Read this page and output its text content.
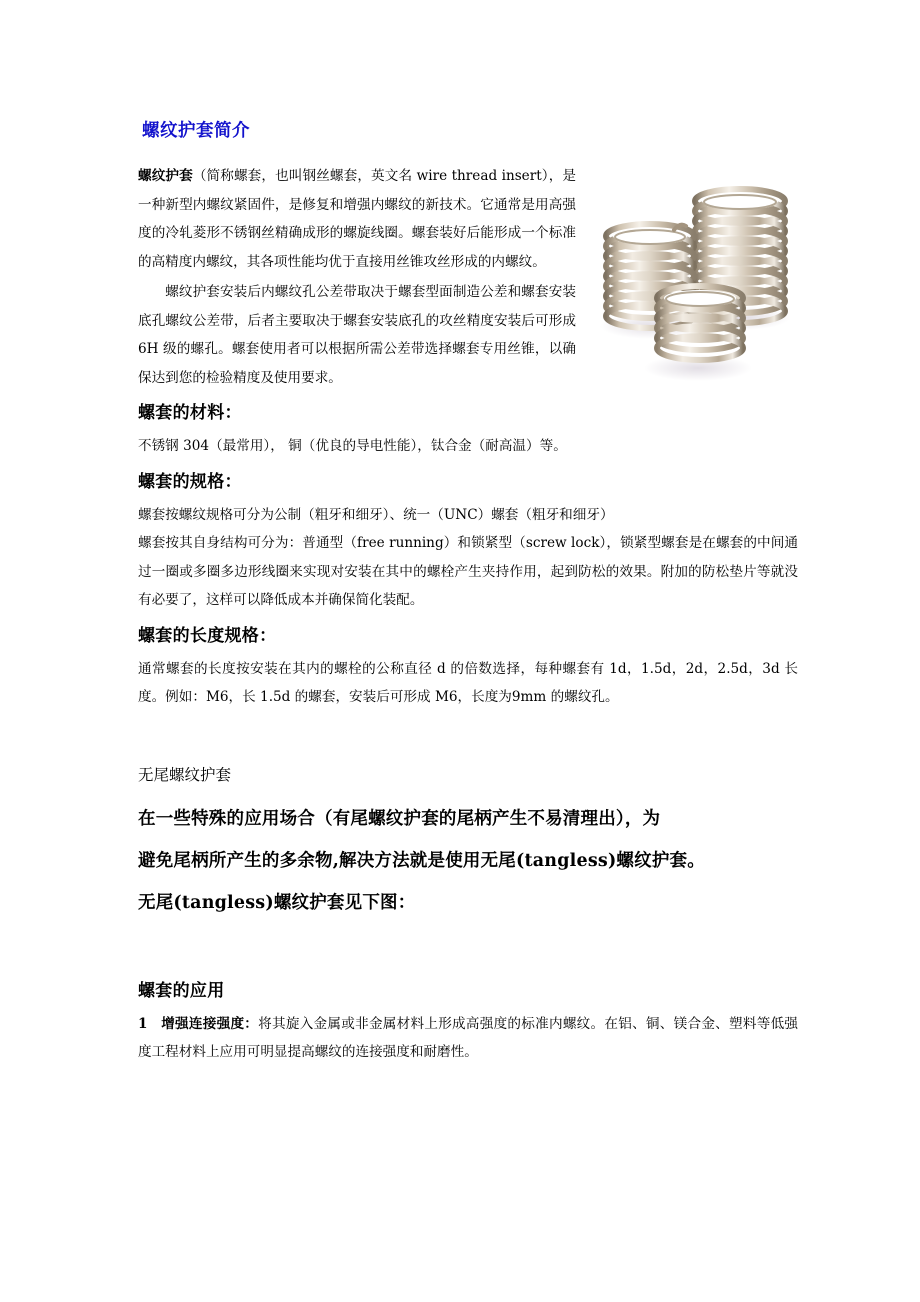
螺纹护套简介

螺纹护套（简称螺套，也叫钢丝螺套，英文名 wire thread insert），是一种新型内螺纹紧固件，是修复和增强内螺纹的新技术。它通常是用高强度的冷轧菱形不锈钢丝精确成形的螺旋线圈。螺套装好后能形成一个标准的高精度内螺纹，其各项性能均优于直接用丝锥攻丝形成的内螺纹。

螺纹护套安装后内螺纹孔公差带取决于螺套型面制造公差和螺套安装底孔螺纹公差带，后者主要取决于螺套安装底孔的攻丝精度安装后可形成 6H 级的螺孔。螺套使用者可以根据所需公差带选择螺套专用丝锥，以确保达到您的检验精度及使用要求。

螺套的材料：

不锈钢 304（最常用）， 铜（优良的导电性能），钛合金（耐高温）等。

螺套的规格：

螺套按螺纹规格可分为公制（粗牙和细牙）、统一（UNC）螺套（粗牙和细牙）

螺套按其自身结构可分为：普通型（free running）和锁紧型（screw lock），锁紧型螺套是在螺套的中间通过一圈或多圈多边形线圈来实现对安装在其中的螺栓产生夹持作用，起到防松的效果。附加的防松垫片等就没有必要了，这样可以降低成本并确保简化装配。

螺套的长度规格：

通常螺套的长度按安装在其内的螺栓的公称直径 d 的倍数选择，每种螺套有 1d，1.5d，2d，2.5d，3d 长度。例如：M6，长 1.5d 的螺套，安装后可形成 M6，长度为9mm 的螺纹孔。

无尾螺纹护套

在一些特殊的应用场合（有尾螺纹护套的尾柄产生不易清理出），为

避免尾柄所产生的多余物,解决方法就是使用无尾(tangless)螺纹护套。

无尾(tangless)螺纹护套见下图：

螺套的应用

1 增强连接强度：将其旋入金属或非金属材料上形成高强度的标准内螺纹。在铝、铜、镁合金、塑料等低强度工程材料上应用可明显提高螺纹的连接强度和耐磨性。
